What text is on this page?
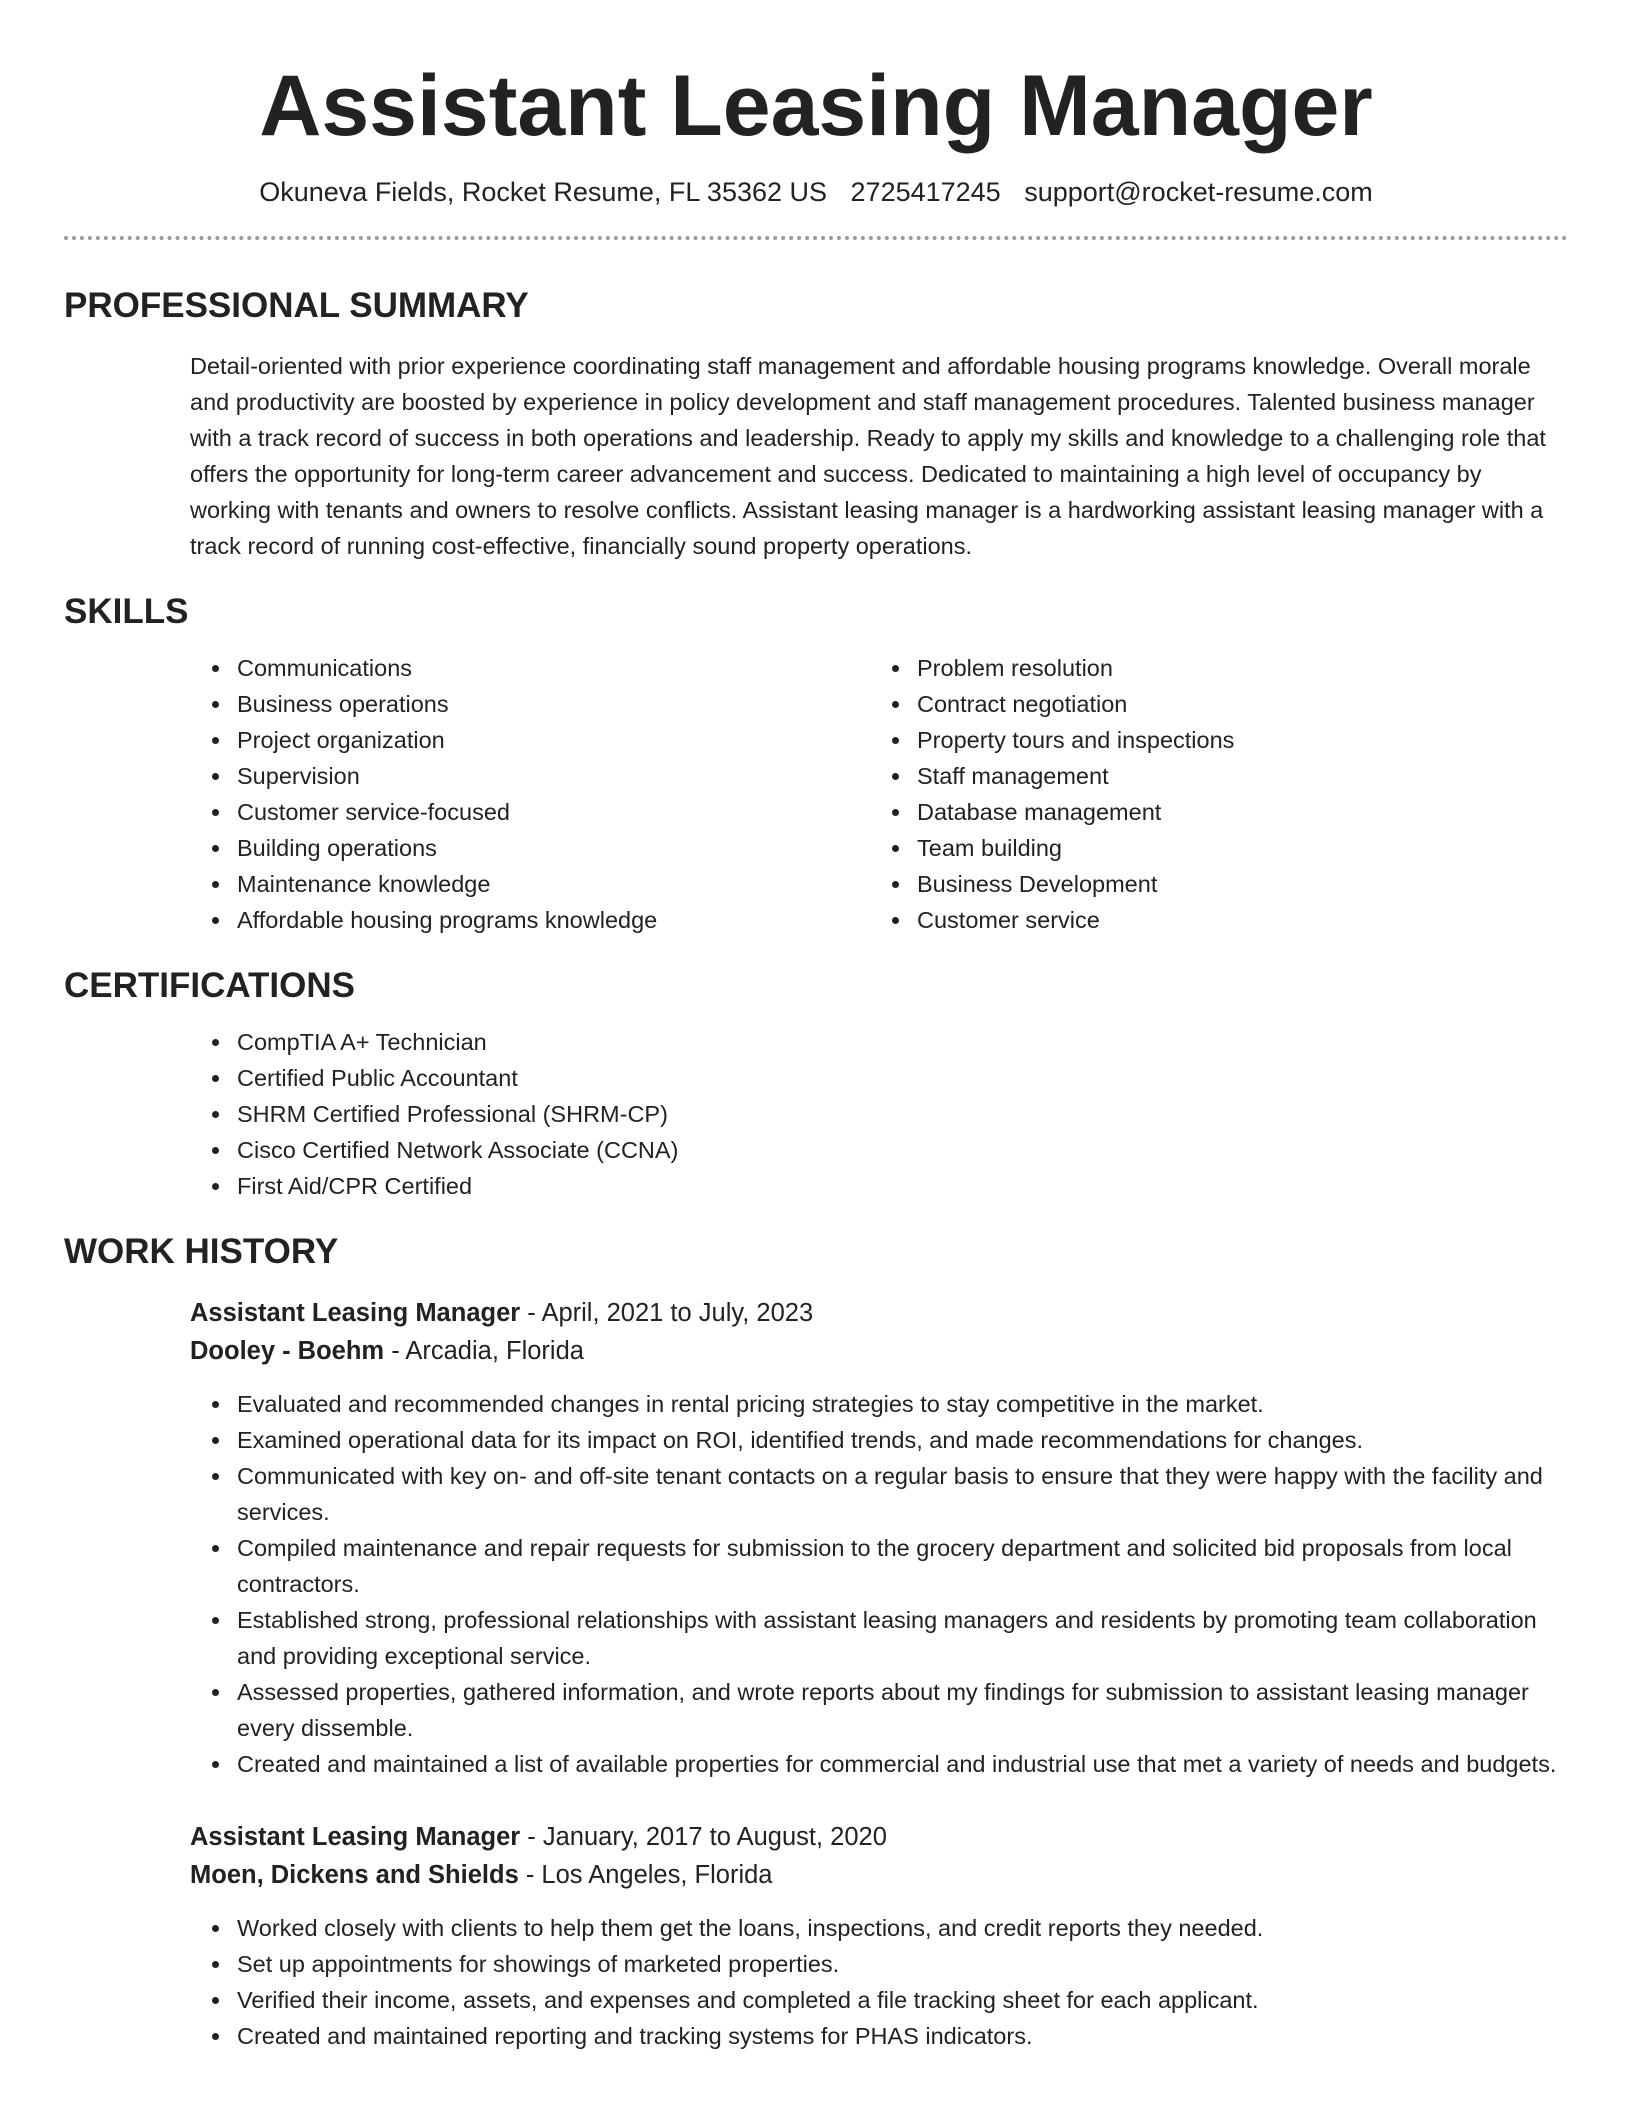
Assistant Leasing Manager
Okuneva Fields, Rocket Resume, FL 35362 US 2725417245 support@rocket-resume.com
PROFESSIONAL SUMMARY

Detail-oriented with prior experience coordinating staff management and affordable housing programs knowledge. Overall morale and productivity are boosted by experience in policy development and staff management procedures. Talented business manager with a track record of success in both operations and leadership. Ready to apply my skills and knowledge to a challenging role that offers the opportunity for long-term career advancement and success. Dedicated to maintaining a high level of occupancy by working with tenants and owners to resolve conflicts. Assistant leasing manager is a hardworking assistant leasing manager with a track record of running cost-effective, financially sound property operations.

SKILLS
• Communications
• Business operations
• Project organization
• Supervision
• Customer service-focused
• Building operations
• Maintenance knowledge
• Affordable housing programs knowledge
• Problem resolution
• Contract negotiation
• Property tours and inspections
• Staff management
• Database management
• Team building
• Business Development
• Customer service
CERTIFICATIONS
• CompTIA A+ Technician
• Certified Public Accountant
• SHRM Certified Professional (SHRM-CP)
• Cisco Certified Network Associate (CCNA)
• First Aid/CPR Certified
WORK HISTORY
Assistant Leasing Manager - April, 2021 to July, 2023
Dooley - Boehm - Arcadia, Florida
• Evaluated and recommended changes in rental pricing strategies to stay competitive in the market.
• Examined operational data for its impact on ROI, identified trends, and made recommendations for changes.
• Communicated with key on- and off-site tenant contacts on a regular basis to ensure that they were happy with the facility and services.
• Compiled maintenance and repair requests for submission to the grocery department and solicited bid proposals from local contractors.
• Established strong, professional relationships with assistant leasing managers and residents by promoting team collaboration and providing exceptional service.
• Assessed properties, gathered information, and wrote reports about my findings for submission to assistant leasing manager every dissemble.
• Created and maintained a list of available properties for commercial and industrial use that met a variety of needs and budgets.
Assistant Leasing Manager - January, 2017 to August, 2020
Moen, Dickens and Shields - Los Angeles, Florida
• Worked closely with clients to help them get the loans, inspections, and credit reports they needed.
• Set up appointments for showings of marketed properties.
• Verified their income, assets, and expenses and completed a file tracking sheet for each applicant.
• Created and maintained reporting and tracking systems for PHAS indicators.
